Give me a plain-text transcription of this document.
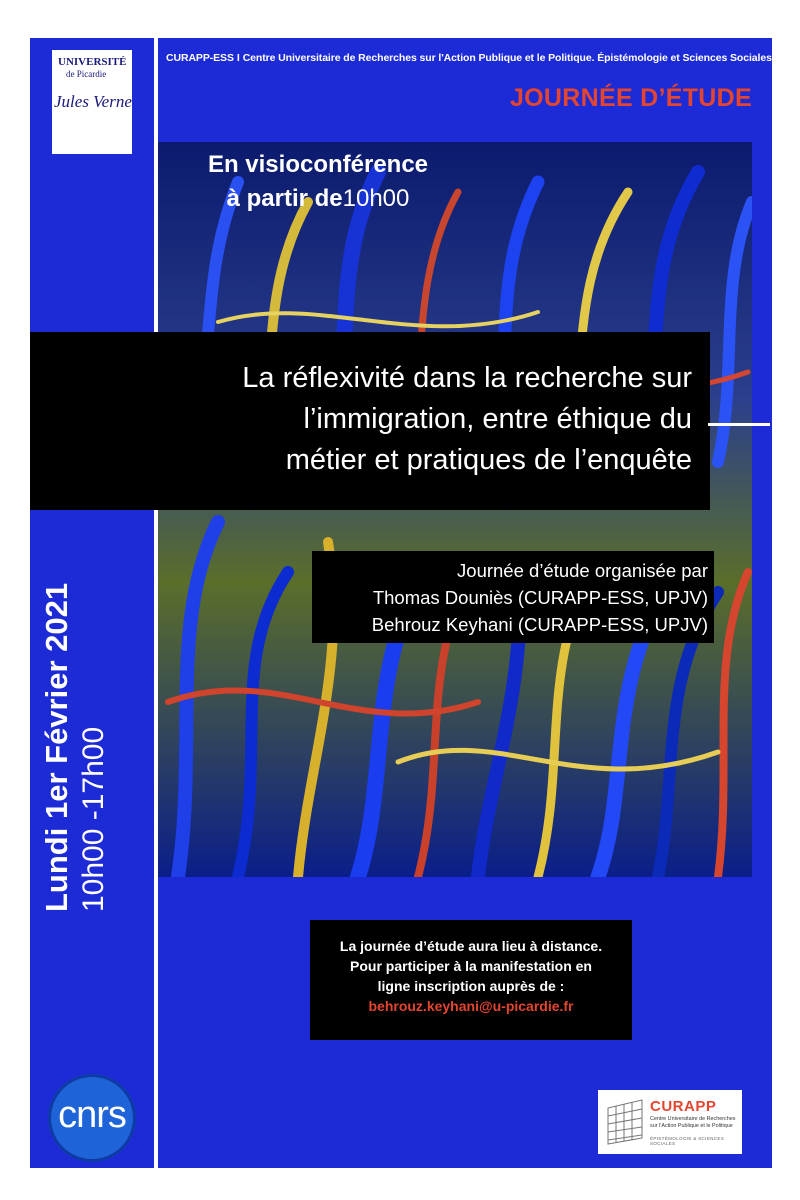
UNIVERSITÉ
de Picardie
Jules Verne
CURAPP-ESS I Centre Universitaire de Recherches sur l'Action Publique et le Politique. Épistémologie et Sciences Sociales
JOURNÉE D’ÉTUDE
En visioconférence
à partir de10h00
La réflexivité dans la recherche sur
l’immigration, entre éthique du
métier et pratiques de l’enquête
Journée d’étude organisée par
Thomas Douniès (CURAPP-ESS, UPJV)
Behrouz Keyhani (CURAPP-ESS, UPJV)
Lundi 1er Février 2021 10h00 -17h00
La journée d’étude aura lieu à distance.
Pour participer à la manifestation en
ligne inscription auprès de :
behrouz.keyhani@u-picardie.fr
cnrs	CURAPP
Centre Universitaire de Recherches sur l’Action Publique et le Politique
ÉPISTÉMOLOGIE & SCIENCES SOCIALES
